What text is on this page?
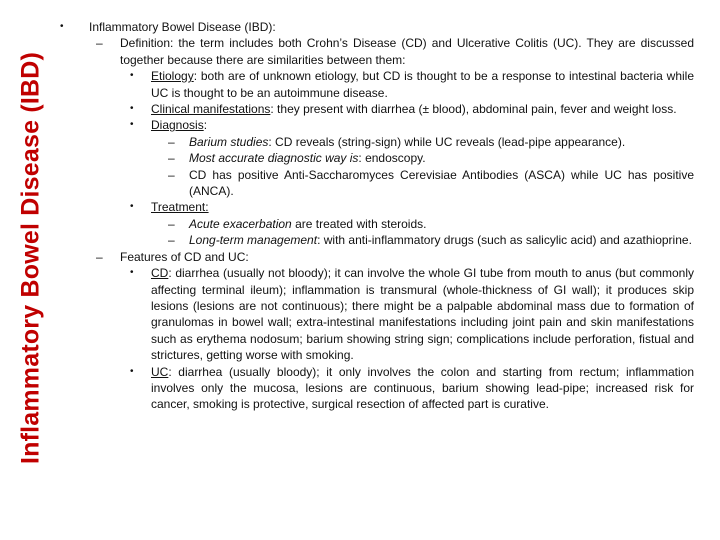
Inflammatory Bowel Disease (IBD)
• Inflammatory Bowel Disease (IBD):
– Definition: the term includes both Crohn’s Disease (CD) and Ulcerative Colitis (UC). They are discussed together because there are similarities between them:
• Etiology: both are of unknown etiology, but CD is thought to be a response to intestinal bacteria while UC is thought to be an autoimmune disease.
• Clinical manifestations: they present with diarrhea (± blood), abdominal pain, fever and weight loss.
• Diagnosis:
– Barium studies: CD reveals (string-sign) while UC reveals (lead-pipe appearance).
– Most accurate diagnostic way is: endoscopy.
– CD has positive Anti-Saccharomyces Cerevisiae Antibodies (ASCA) while UC has positive (ANCA).
• Treatment:
– Acute exacerbation are treated with steroids.
– Long-term management: with anti-inflammatory drugs (such as salicylic acid) and azathioprine.
– Features of CD and UC:
• CD: diarrhea (usually not bloody); it can involve the whole GI tube from mouth to anus (but commonly affecting terminal ileum); inflammation is transmural (whole-thickness of GI wall); it produces skip lesions (lesions are not continuous); there might be a palpable abdominal mass due to formation of granulomas in bowel wall; extra-intestinal manifestations including joint pain and skin manifestations such as erythema nodosum; barium showing string sign; complications include perforation, fistual and strictures, getting worse with smoking.
• UC: diarrhea (usually bloody); it only involves the colon and starting from rectum; inflammation involves only the mucosa, lesions are continuous, barium showing lead-pipe; increased risk for cancer, smoking is protective, surgical resection of affected part is curative.
